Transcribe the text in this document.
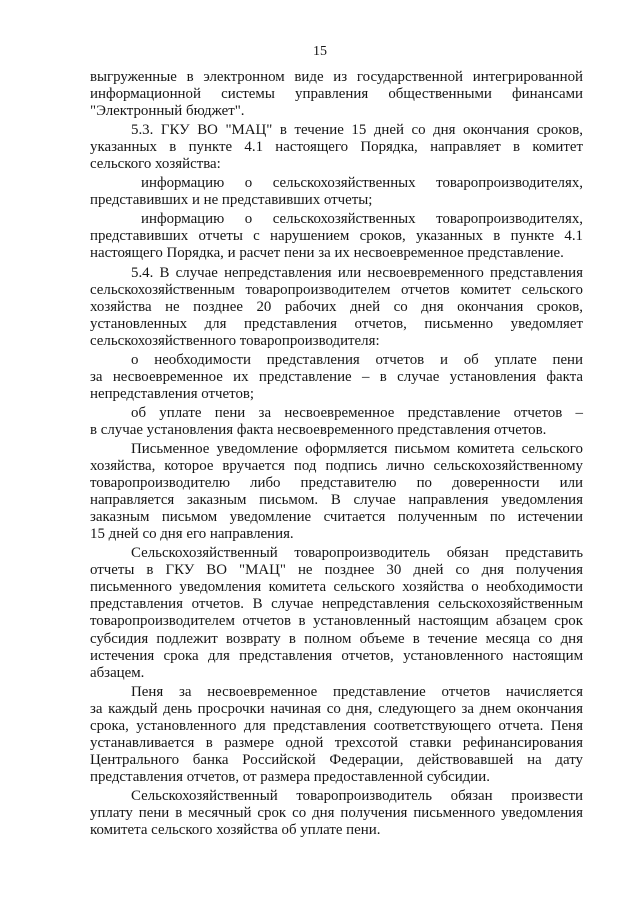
15
выгруженные в электронном виде из государственной интегрированной
информационной системы управления общественными финансами
"Электронный бюджет".
5.3. ГКУ ВО "МАЦ" в течение 15 дней со дня окончания сроков,
указанных в пункте 4.1 настоящего Порядка, направляет в комитет
сельского хозяйства:
информацию о сельскохозяйственных товаропроизводителях,
представивших и не представивших отчеты;
информацию о сельскохозяйственных товаропроизводителях,
представивших отчеты с нарушением сроков, указанных в пункте 4.1
настоящего Порядка, и расчет пени за их несвоевременное представление.
5.4. В случае непредставления или несвоевременного представления
сельскохозяйственным товаропроизводителем отчетов комитет сельского
хозяйства не позднее 20 рабочих дней со дня окончания сроков,
установленных для представления отчетов, письменно уведомляет
сельскохозяйственного товаропроизводителя:
о необходимости представления отчетов и об уплате пени
за несвоевременное их представление – в случае установления факта
непредставления отчетов;
об уплате пени за несвоевременное представление отчетов –
в случае установления факта несвоевременного представления отчетов.
Письменное уведомление оформляется письмом комитета сельского
хозяйства, которое вручается под подпись лично сельскохозяйственному
товаропроизводителю либо представителю по доверенности или
направляется заказным письмом. В случае направления уведомления
заказным письмом уведомление считается полученным по истечении
15 дней со дня его направления.
Сельскохозяйственный товаропроизводитель обязан представить
отчеты в ГКУ ВО "МАЦ" не позднее 30 дней со дня получения
письменного уведомления комитета сельского хозяйства о необходимости
представления отчетов. В случае непредставления сельскохозяйственным
товаропроизводителем отчетов в установленный настоящим абзацем срок
субсидия подлежит возврату в полном объеме в течение месяца со дня
истечения срока для представления отчетов, установленного настоящим
абзацем.
Пеня за несвоевременное представление отчетов начисляется
за каждый день просрочки начиная со дня, следующего за днем окончания
срока, установленного для представления соответствующего отчета. Пеня
устанавливается в размере одной трехсотой ставки рефинансирования
Центрального банка Российской Федерации, действовавшей на дату
представления отчетов, от размера предоставленной субсидии.
Сельскохозяйственный товаропроизводитель обязан произвести
уплату пени в месячный срок со дня получения письменного уведомления
комитета сельского хозяйства об уплате пени.
